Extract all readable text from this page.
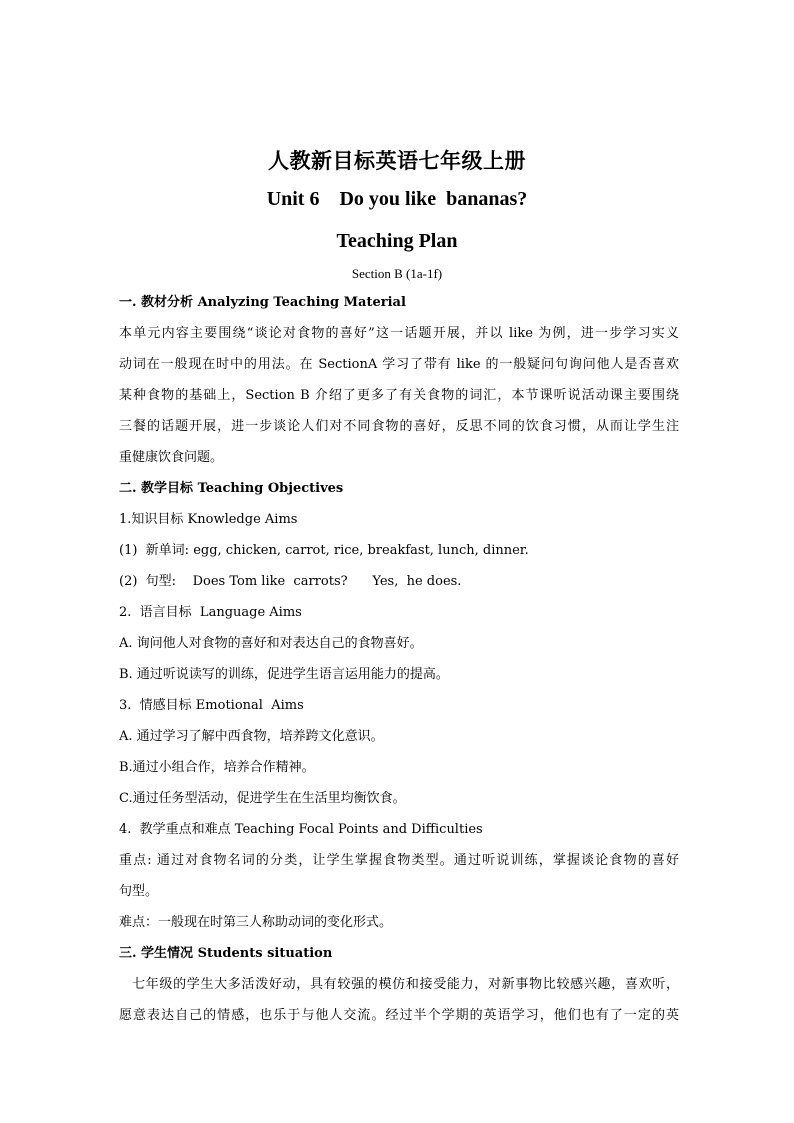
人教新目标英语七年级上册
Unit 6    Do you like  bananas?
Teaching Plan
Section B (1a-1f)
一. 教材分析 Analyzing Teaching Material
本单元内容主要围绕“谈论对食物的喜好”这一话题开展，并以 like 为例，进一步学习实义
动词在一般现在时中的用法。在 SectionA 学习了带有 like 的一般疑问句询问他人是否喜欢
某种食物的基础上，Section B 介绍了更多了有关食物的词汇，本节课听说活动课主要围绕
三餐的话题开展，进一步谈论人们对不同食物的喜好，反思不同的饮食习惯，从而让学生注
重健康饮食问题。
二. 教学目标 Teaching Objectives
1.知识目标 Knowledge Aims
(1)  新单词: egg, chicken, carrot, rice, breakfast, lunch, dinner.
(2)  句型:    Does Tom like  carrots?      Yes,  he does.
2.  语言目标  Language Aims
A. 询问他人对食物的喜好和对表达自己的食物喜好。
B. 通过听说读写的训练，促进学生语言运用能力的提高。
3.  情感目标 Emotional  Aims
A. 通过学习了解中西食物，培养跨文化意识。
B.通过小组合作，培养合作精神。
C.通过任务型活动，促进学生在生活里均衡饮食。
4.  教学重点和难点 Teaching Focal Points and Difficulties
重点: 通过对食物名词的分类，让学生掌握食物类型。通过听说训练，掌握谈论食物的喜好
句型。
难点：一般现在时第三人称助动词的变化形式。
三. 学生情况 Students situation
七年级的学生大多活泼好动，具有较强的模仿和接受能力，对新事物比较感兴趣，喜欢听，
愿意表达自己的情感，也乐于与他人交流。经过半个学期的英语学习，他们也有了一定的英
